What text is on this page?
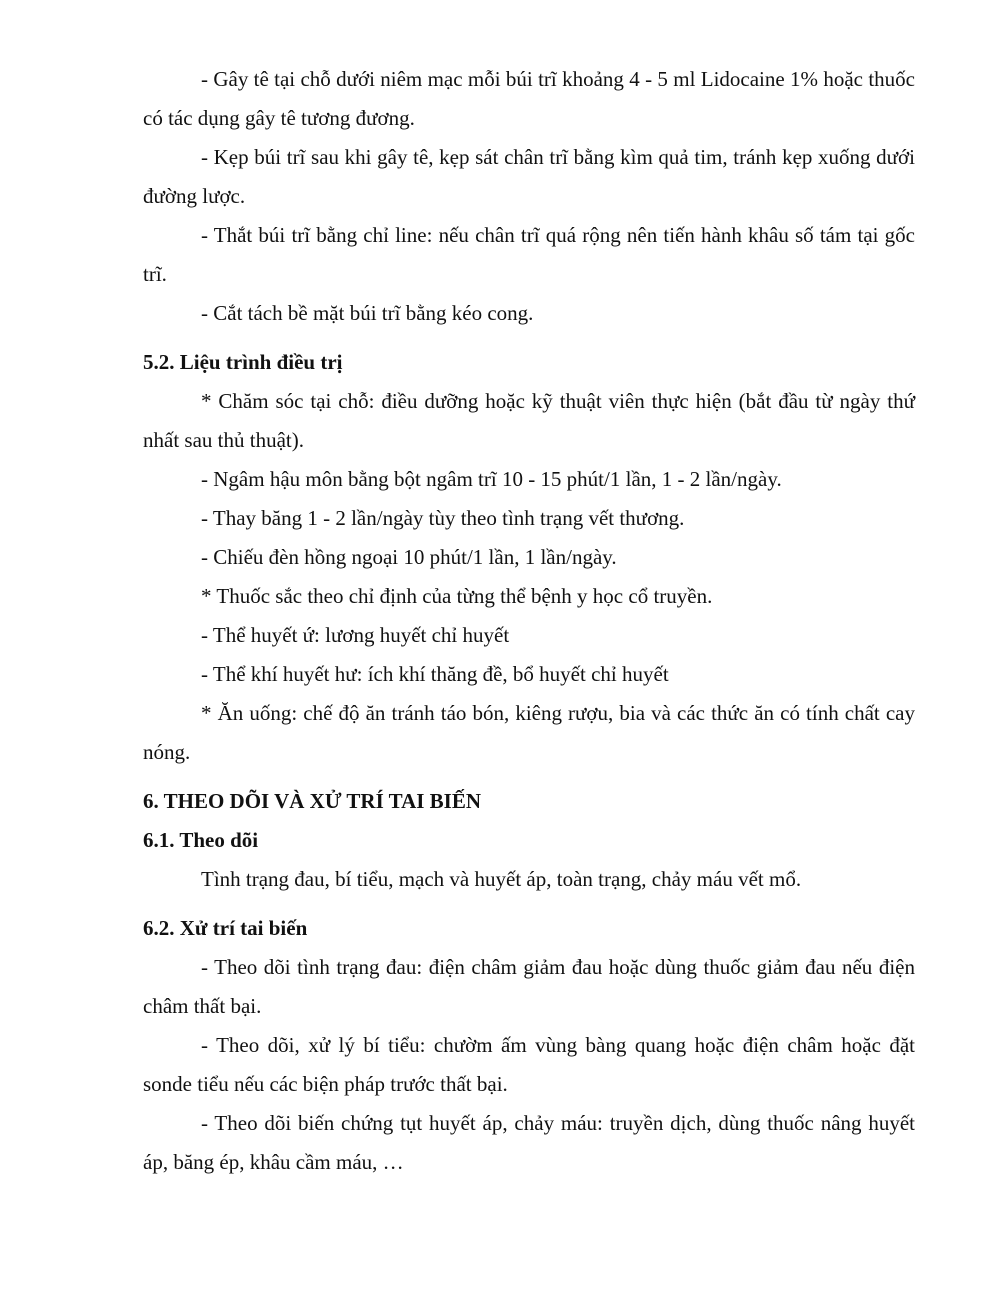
- Gây tê tại chỗ dưới niêm mạc mỗi búi trĩ khoảng 4 - 5 ml Lidocaine 1% hoặc thuốc có tác dụng gây tê tương đương.

- Kẹp búi trĩ sau khi gây tê, kẹp sát chân trĩ bằng kìm quả tim, tránh kẹp xuống dưới đường lược.

- Thắt búi trĩ bằng chỉ line: nếu chân trĩ quá rộng nên tiến hành khâu số tám tại gốc trĩ.

- Cắt tách bề mặt búi trĩ bằng kéo cong.

5.2. Liệu trình điều trị

* Chăm sóc tại chỗ: điều dưỡng hoặc kỹ thuật viên thực hiện (bắt đầu từ ngày thứ nhất sau thủ thuật).

- Ngâm hậu môn bằng bột ngâm trĩ 10 - 15 phút/1 lần, 1 - 2 lần/ngày.

- Thay băng 1 - 2 lần/ngày tùy theo tình trạng vết thương.

- Chiếu đèn hồng ngoại 10 phút/1 lần, 1 lần/ngày.

* Thuốc sắc theo chỉ định của từng thể bệnh y học cổ truyền.

- Thể huyết ứ: lương huyết chỉ huyết

- Thể khí huyết hư: ích khí thăng đề, bổ huyết chỉ huyết

* Ăn uống: chế độ ăn tránh táo bón, kiêng rượu, bia và các thức ăn có tính chất cay nóng.

6. THEO DÕI VÀ XỬ TRÍ TAI BIẾN
6.1. Theo dõi

Tình trạng đau, bí tiểu, mạch và huyết áp, toàn trạng, chảy máu vết mổ.

6.2. Xử trí tai biến

- Theo dõi tình trạng đau: điện châm giảm đau hoặc dùng thuốc giảm đau nếu điện châm thất bại.

- Theo dõi, xử lý bí tiểu: chườm ấm vùng bàng quang hoặc điện châm hoặc đặt sonde tiểu nếu các biện pháp trước thất bại.

- Theo dõi biến chứng tụt huyết áp, chảy máu: truyền dịch, dùng thuốc nâng huyết áp, băng ép, khâu cầm máu, …
